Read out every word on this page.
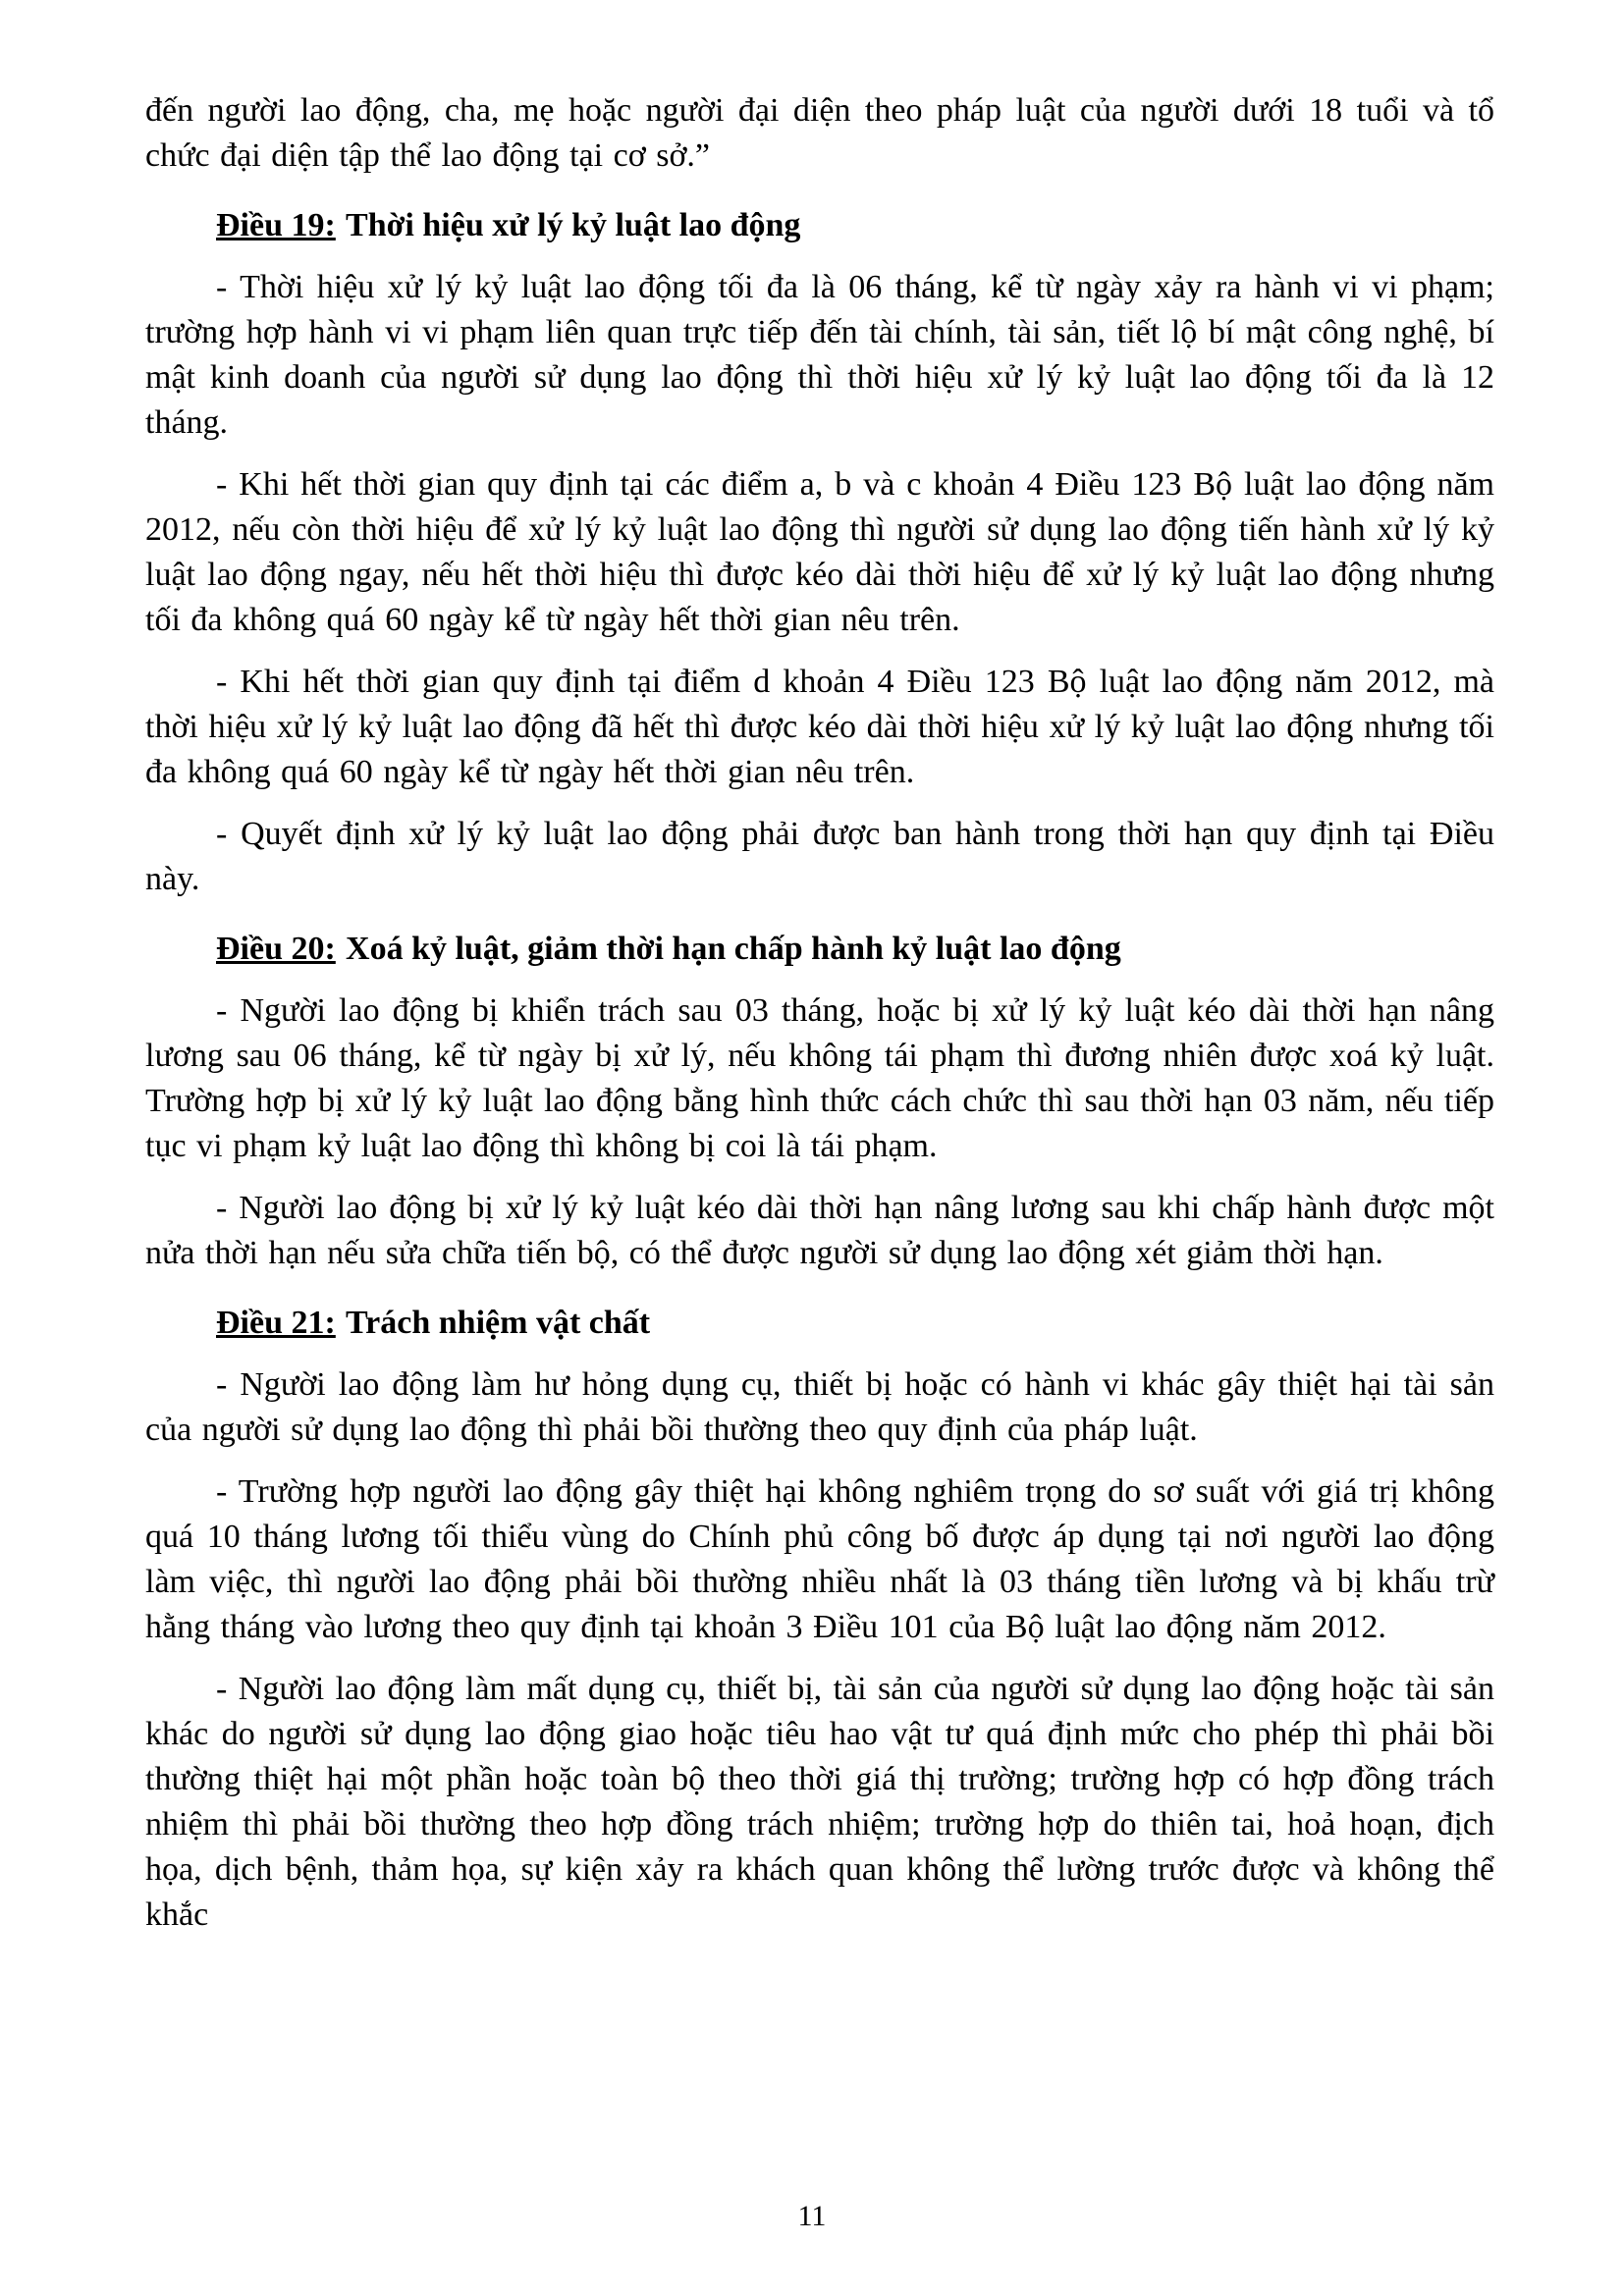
đến người lao động, cha, mẹ hoặc người đại diện theo pháp luật của người dưới 18 tuổi và tổ chức đại diện tập thể lao động tại cơ sở.”

Điều 19: Thời hiệu xử lý kỷ luật lao động

- Thời hiệu xử lý kỷ luật lao động tối đa là 06 tháng, kể từ ngày xảy ra hành vi vi phạm; trường hợp hành vi vi phạm liên quan trực tiếp đến tài chính, tài sản, tiết lộ bí mật công nghệ, bí mật kinh doanh của người sử dụng lao động thì thời hiệu xử lý kỷ luật lao động tối đa là 12 tháng.

- Khi hết thời gian quy định tại các điểm a, b và c khoản 4 Điều 123 Bộ luật lao động năm 2012, nếu còn thời hiệu để xử lý kỷ luật lao động thì người sử dụng lao động tiến hành xử lý kỷ luật lao động ngay, nếu hết thời hiệu thì được kéo dài thời hiệu để xử lý kỷ luật lao động nhưng tối đa không quá 60 ngày kể từ ngày hết thời gian nêu trên.

- Khi hết thời gian quy định tại điểm d khoản 4 Điều 123 Bộ luật lao động năm 2012, mà thời hiệu xử lý kỷ luật lao động đã hết thì được kéo dài thời hiệu xử lý kỷ luật lao động nhưng tối đa không quá 60 ngày kể từ ngày hết thời gian nêu trên.

- Quyết định xử lý kỷ luật lao động phải được ban hành trong thời hạn quy định tại Điều này.

Điều 20: Xoá kỷ luật, giảm thời hạn chấp hành kỷ luật lao động

- Người lao động bị khiển trách sau 03 tháng, hoặc bị xử lý kỷ luật kéo dài thời hạn nâng lương sau 06 tháng, kể từ ngày bị xử lý, nếu không tái phạm thì đương nhiên được xoá kỷ luật. Trường hợp bị xử lý kỷ luật lao động bằng hình thức cách chức thì sau thời hạn 03 năm, nếu tiếp tục vi phạm kỷ luật lao động thì không bị coi là tái phạm.

- Người lao động bị xử lý kỷ luật kéo dài thời hạn nâng lương sau khi chấp hành được một nửa thời hạn nếu sửa chữa tiến bộ, có thể được người sử dụng lao động xét giảm thời hạn.

Điều 21: Trách nhiệm vật chất

- Người lao động làm hư hỏng dụng cụ, thiết bị hoặc có hành vi khác gây thiệt hại tài sản của người sử dụng lao động thì phải bồi thường theo quy định của pháp luật.

- Trường hợp người lao động gây thiệt hại không nghiêm trọng do sơ suất với giá trị không quá 10 tháng lương tối thiểu vùng do Chính phủ công bố được áp dụng tại nơi người lao động làm việc, thì người lao động phải bồi thường nhiều nhất là 03 tháng tiền lương và bị khấu trừ hằng tháng vào lương theo quy định tại khoản 3 Điều 101 của Bộ luật lao động năm 2012.

- Người lao động làm mất dụng cụ, thiết bị, tài sản của người sử dụng lao động hoặc tài sản khác do người sử dụng lao động giao hoặc tiêu hao vật tư quá định mức cho phép thì phải bồi thường thiệt hại một phần hoặc toàn bộ theo thời giá thị trường; trường hợp có hợp đồng trách nhiệm thì phải bồi thường theo hợp đồng trách nhiệm; trường hợp do thiên tai, hoả hoạn, địch họa, dịch bệnh, thảm họa, sự kiện xảy ra khách quan không thể lường trước được và không thể khắc

11
